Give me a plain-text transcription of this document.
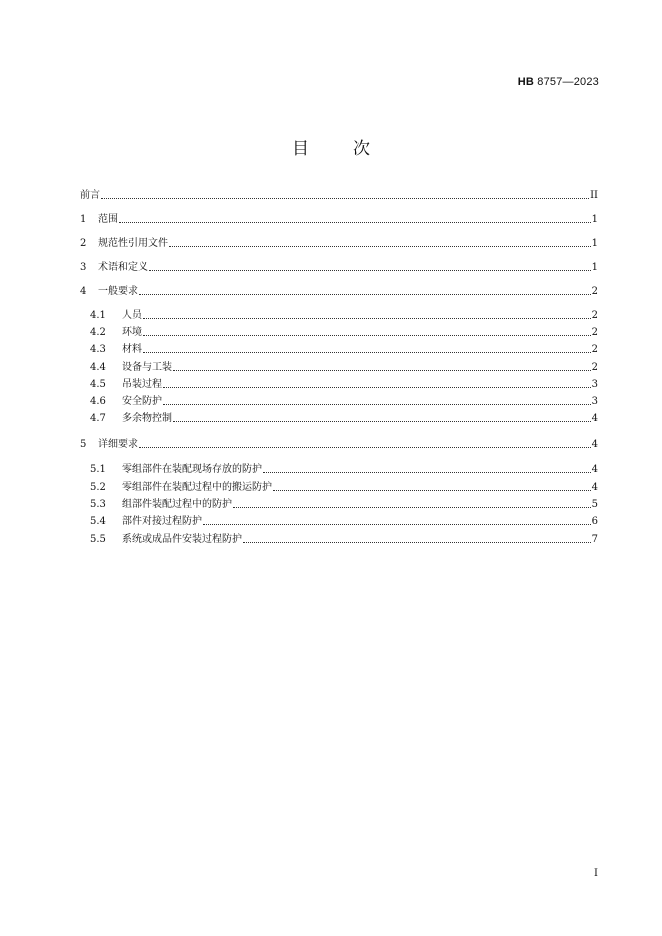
HB 8757—2023
目	次
前言	II
1	范围	1
2	规范性引用文件	1
3	术语和定义	1
4	一般要求	2
4.1	人员	2
4.2	环境	2
4.3	材料	2
4.4	设备与工装	2
4.5	吊装过程	3
4.6	安全防护	3
4.7	多余物控制	4
5	详细要求	4
5.1	零组部件在装配现场存放的防护	4
5.2	零组部件在装配过程中的搬运防护	4
5.3	组部件装配过程中的防护	5
5.4	部件对接过程防护	6
5.5	系统或成品件安装过程防护	7
I
